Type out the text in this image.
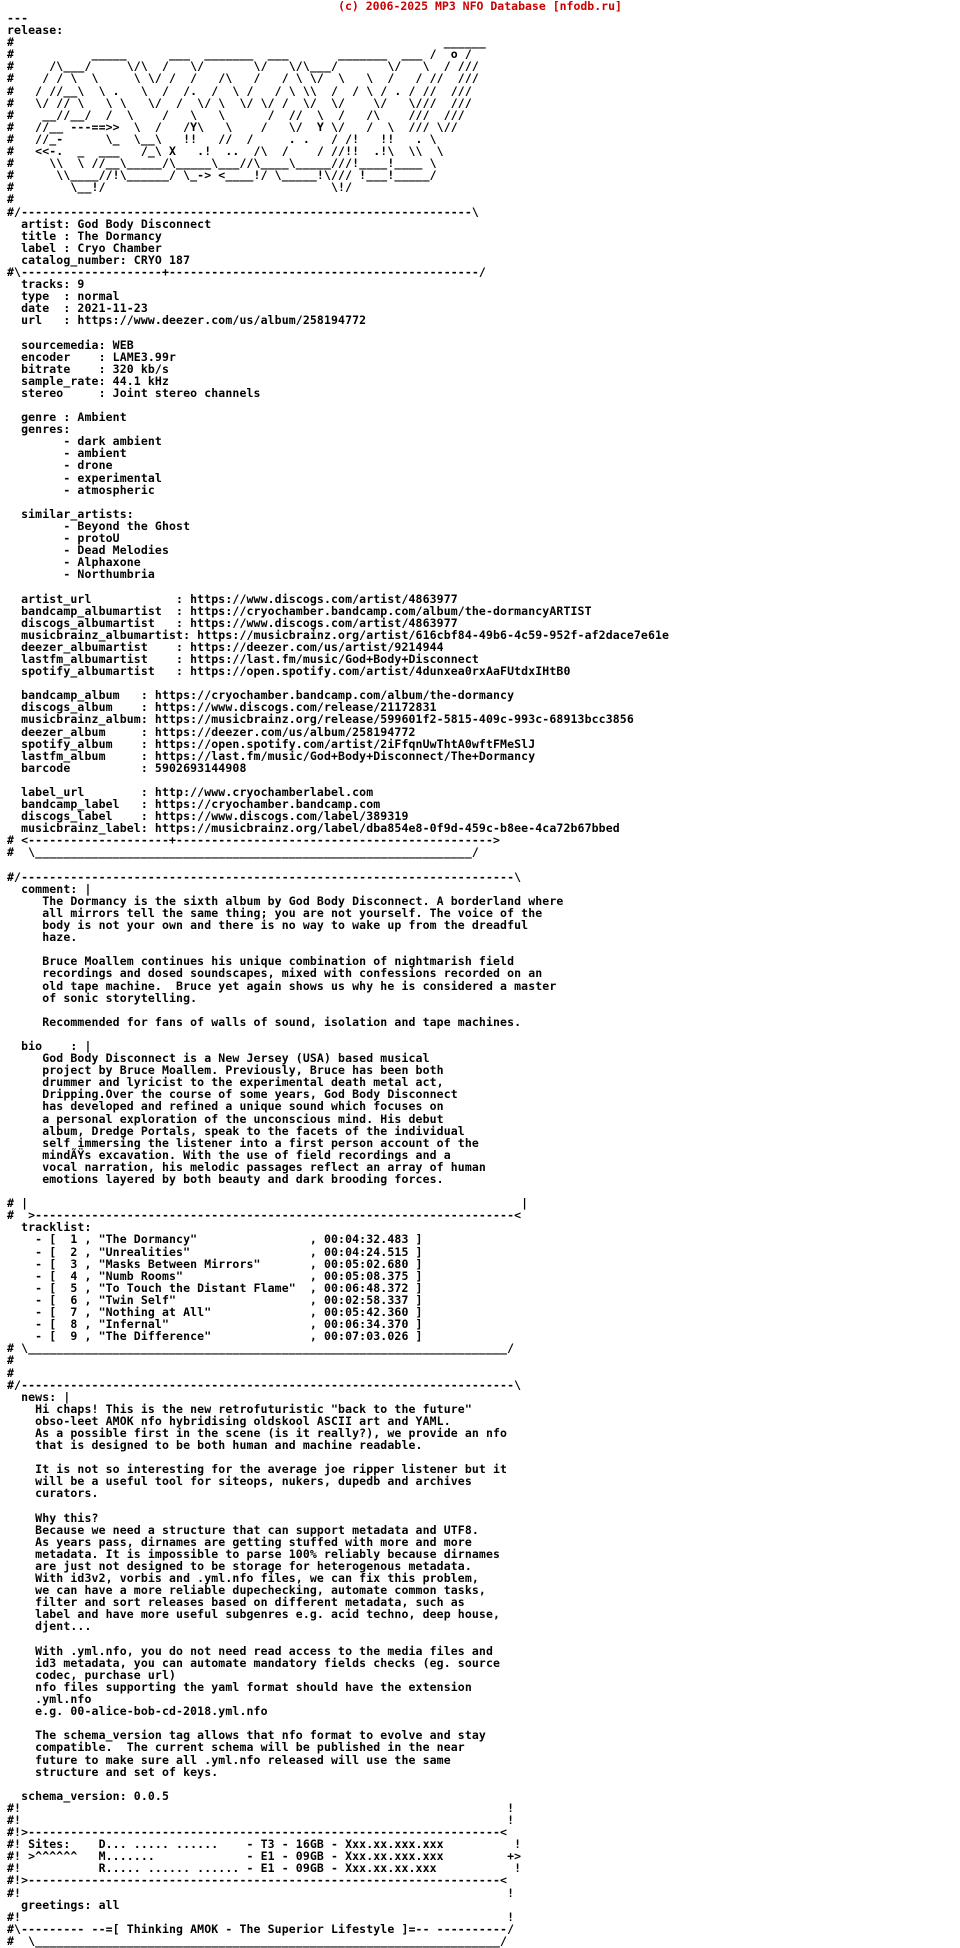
(c) 2006-2025 MP3 NFO Database [nfodb.ru]
---
release:
#                                                             ______
#           _____      ___  _______  ___       _______  ___ /  o /
#     /\___/     \/\  /   \/       \/   \/\___/       \/   \  / ///
#    / / \  \     \ \/ /  /   /\   /   / \ \/  \   \  /   / //  ///
#   / //__\  \ .   \  /  /.  /  \ /   / \ \\  /  / \ / . / //  ///
#   \/ // \   \ \   \/  /  \/ \  \/ \/ /  \/  \/    \/   \///  ///
#    __//__/  /  \    /   \   \      /  //  \  /   /\    ///  ///
#   //__ ---==>>  \  /   /Y\   \    /   \/  Y \/   /  \  /// \//
#   //_-      \_  \__\   !!   //  /     . .   / /!   !!   . \
#   <<-.  _  ___   /_\ X   .!  ..  /\  /    / //!!  .!\  \\  \
#     \\  \ //__\_____/\_____\___//\____\_____///!____!____ \
#      \\____//!\______/ \_-> <____!/ \_____!\/// !___!_____/
#        \__!/                                \!/
#
#/----------------------------------------------------------------\
artist: God Body Disconnect
title : The Dormancy
label : Cryo Chamber
catalog_number: CRYO 187
#\--------------------+--------------------------------------------/
tracks: 9
type  : normal
date  : 2021-11-23
url   : https://www.deezer.com/us/album/258194772

sourcemedia: WEB
encoder    : LAME3.99r
bitrate    : 320 kb/s
sample_rate: 44.1 kHz
stereo     : Joint stereo channels

genre : Ambient
genres:
- dark ambient
- ambient
- drone
- experimental
- atmospheric

similar_artists:
- Beyond the Ghost
- protoU
- Dead Melodies
- Alphaxone
- Northumbria

artist_url            : https://www.discogs.com/artist/4863977
bandcamp_albumartist  : https://cryochamber.bandcamp.com/album/the-dormancyARTIST
discogs_albumartist   : https://www.discogs.com/artist/4863977
musicbrainz_albumartist: https://musicbrainz.org/artist/616cbf84-49b6-4c59-952f-af2dace7e61e
deezer_albumartist    : https://deezer.com/us/artist/9214944
lastfm_albumartist    : https://last.fm/music/God+Body+Disconnect
spotify_albumartist   : https://open.spotify.com/artist/4dunxea0rxAaFUtdxIHtB0

bandcamp_album   : https://cryochamber.bandcamp.com/album/the-dormancy
discogs_album    : https://www.discogs.com/release/21172831
musicbrainz_album: https://musicbrainz.org/release/599601f2-5815-409c-993c-68913bcc3856
deezer_album     : https://deezer.com/us/album/258194772
spotify_album    : https://open.spotify.com/artist/2iFfqnUwThtA0wftFMeSlJ
lastfm_album     : https://last.fm/music/God+Body+Disconnect/The+Dormancy
barcode          : 5902693144908

label_url        : http://www.cryochamberlabel.com
bandcamp_label   : https://cryochamber.bandcamp.com
discogs_label    : https://www.discogs.com/label/389319
musicbrainz_label: https://musicbrainz.org/label/dba854e8-0f9d-459c-b8ee-4ca72b67bbed
# <--------------------+--------------------------------------------->
#  \______________________________________________________________/

#/----------------------------------------------------------------------\
comment: |
The Dormancy is the sixth album by God Body Disconnect. A borderland where
all mirrors tell the same thing; you are not yourself. The voice of the
body is not your own and there is no way to wake up from the dreadful
haze.

Bruce Moallem continues his unique combination of nightmarish field
recordings and dosed soundscapes, mixed with confessions recorded on an
old tape machine.  Bruce yet again shows us why he is considered a master
of sonic storytelling.

Recommended for fans of walls of sound, isolation and tape machines.

bio    : |
God Body Disconnect is a New Jersey (USA) based musical
project by Bruce Moallem. Previously, Bruce has been both
drummer and lyricist to the experimental death metal act,
Dripping.Over the course of some years, God Body Disconnect
has developed and refined a unique sound which focuses on
a personal exploration of the unconscious mind. His debut
album, Dredge Portals, speak to the facets of the individual
self immersing the listener into a first person account of the
mindÃŸs excavation. With the use of field recordings and a
vocal narration, his melodic passages reflect an array of human
emotions layered by both beauty and dark brooding forces.

# |                                                                      |
#  >--------------------------------------------------------------------<
tracklist:
- [  1 , "The Dormancy"                , 00:04:32.483 ]
- [  2 , "Unrealities"                 , 00:04:24.515 ]
- [  3 , "Masks Between Mirrors"       , 00:05:02.680 ]
- [  4 , "Numb Rooms"                  , 00:05:08.375 ]
- [  5 , "To Touch the Distant Flame"  , 00:06:48.372 ]
- [  6 , "Twin Self"                   , 00:02:58.337 ]
- [  7 , "Nothing at All"              , 00:05:42.360 ]
- [  8 , "Infernal"                    , 00:06:34.370 ]
- [  9 , "The Difference"              , 00:07:03.026 ]
# \____________________________________________________________________/
#
#
#/----------------------------------------------------------------------\
news: |
Hi chaps! This is the new retrofuturistic "back to the future"
obso-leet AMOK nfo hybridising oldskool ASCII art and YAML.
As a possible first in the scene (is it really?), we provide an nfo
that is designed to be both human and machine readable.

It is not so interesting for the average joe ripper listener but it
will be a useful tool for siteops, nukers, dupedb and archives
curators.

Why this?
Because we need a structure that can support metadata and UTF8.
As years pass, dirnames are getting stuffed with more and more
metadata. It is impossible to parse 100% reliably because dirnames
are just not designed to be storage for heterogenous metadata.
With id3v2, vorbis and .yml.nfo files, we can fix this problem,
we can have a more reliable dupechecking, automate common tasks,
filter and sort releases based on different metadata, such as
label and have more useful subgenres e.g. acid techno, deep house,
djent...

With .yml.nfo, you do not need read access to the media files and
id3 metadata, you can automate mandatory fields checks (eg. source
codec, purchase url)
nfo files supporting the yaml format should have the extension
.yml.nfo
e.g. 00-alice-bob-cd-2018.yml.nfo

The schema_version tag allows that nfo format to evolve and stay
compatible.  The current schema will be published in the near
future to make sure all .yml.nfo released will use the same
structure and set of keys.

schema_version: 0.0.5
#!                                                                     !
#!                                                                     !
#!>-------------------------------------------------------------------<
#! Sites:    D... ..... ......    - T3 - 16GB - Xxx.xx.xxx.xxx          !
#! >^^^^^^   M.......             - E1 - 09GB - Xxx.xx.xxx.xxx         +>
#!           R..... ...... ...... - E1 - 09GB - Xxx.xx.xx.xxx           !
#!>-------------------------------------------------------------------<
#!                                                                     !
greetings: all
#!                                                                     !
#\--------- --=[ Thinking AMOK - The Superior Lifestyle ]=-- ----------/
#  \__________________________________________________________________/
